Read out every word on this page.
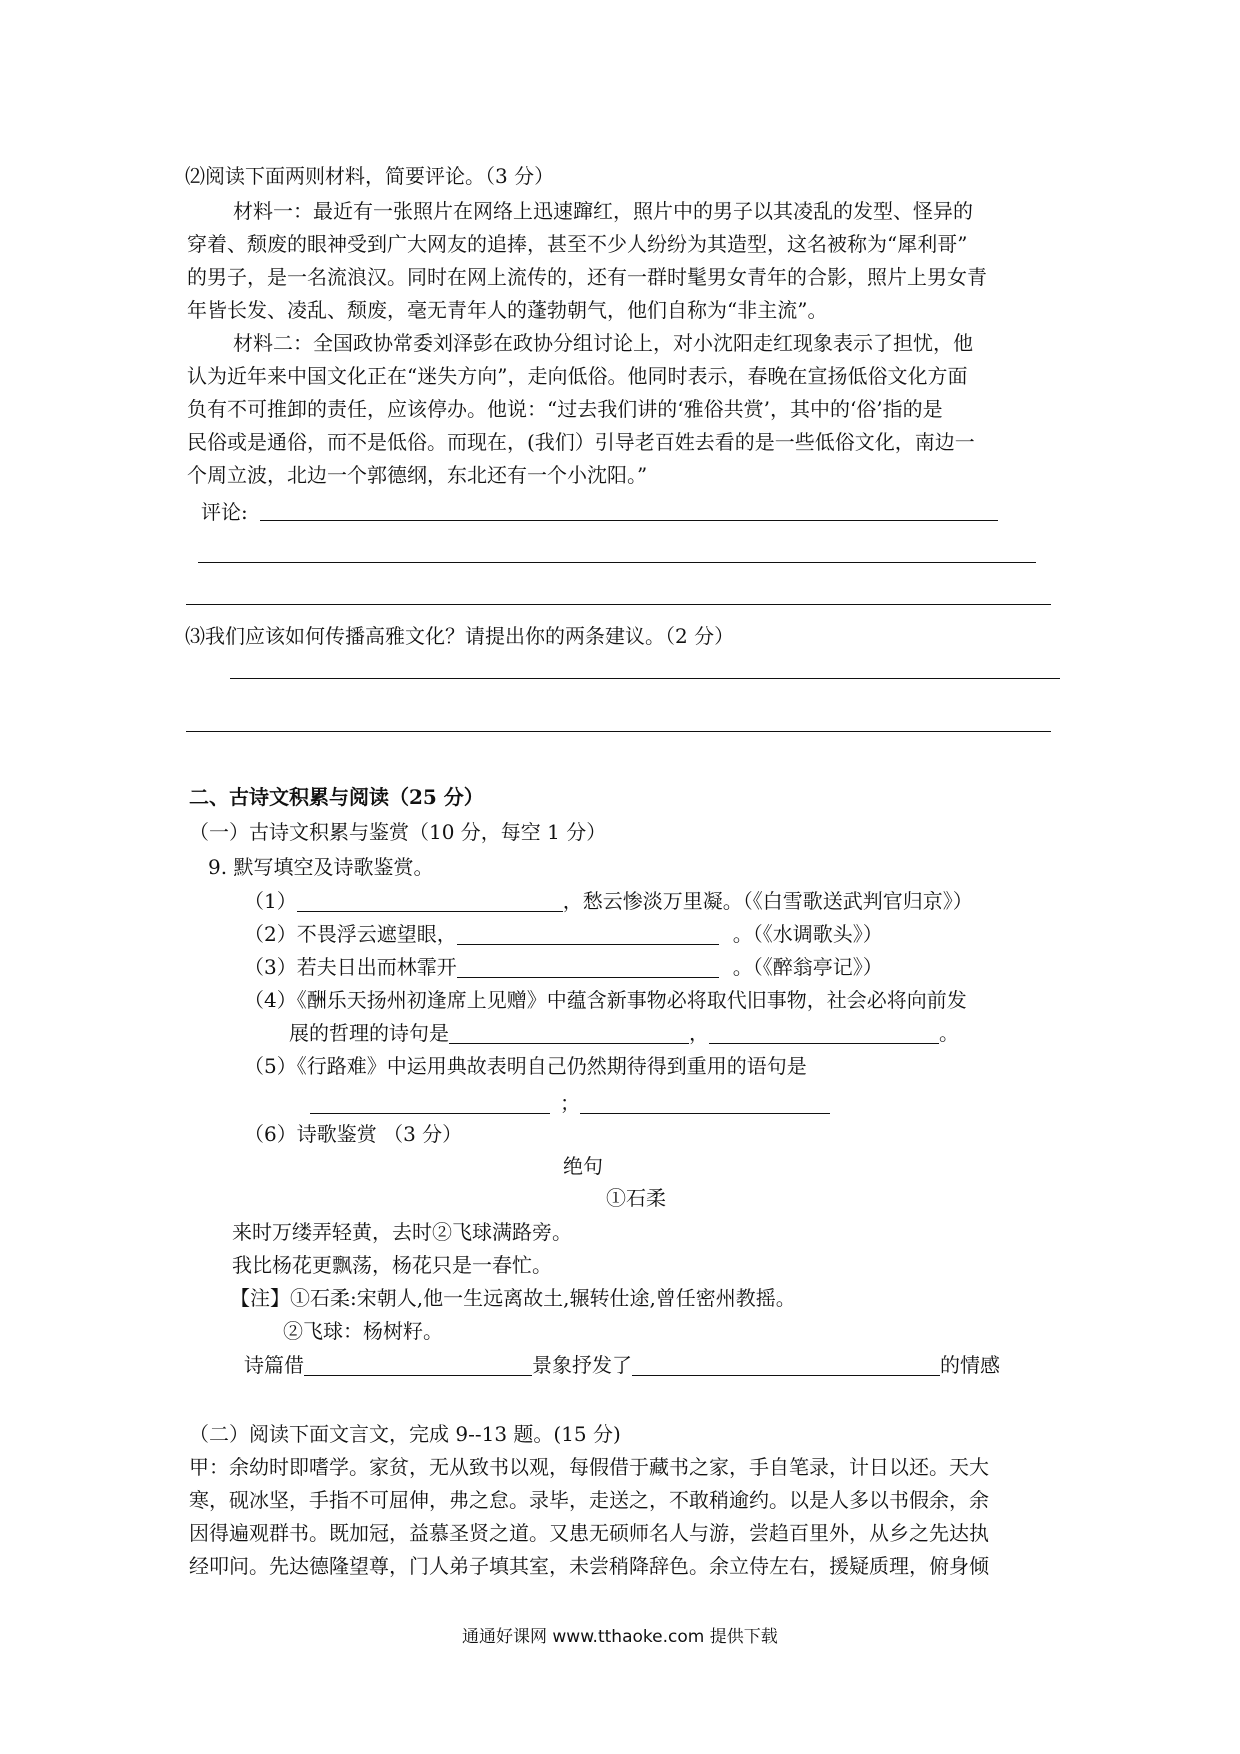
⑵阅读下面两则材料，简要评论。（3 分）
材料一：最近有一张照片在网络上迅速蹿红，照片中的男子以其凌乱的发型、怪异的
穿着、颓废的眼神受到广大网友的追捧，甚至不少人纷纷为其造型，这名被称为“犀利哥”
的男子，是一名流浪汉。同时在网上流传的，还有一群时髦男女青年的合影，照片上男女青
年皆长发、凌乱、颓废，毫无青年人的蓬勃朝气，他们自称为“非主流”。
材料二：全国政协常委刘泽彭在政协分组讨论上，对小沈阳走红现象表示了担忧，他
认为近年来中国文化正在“迷失方向”，走向低俗。他同时表示，春晚在宣扬低俗文化方面
负有不可推卸的责任，应该停办。他说：“过去我们讲的‘雅俗共赏’，其中的‘俗’指的是
民俗或是通俗，而不是低俗。而现在，(我们）引导老百姓去看的是一些低俗文化，南边一
个周立波，北边一个郭德纲，东北还有一个小沈阳。”
评论:
⑶我们应该如何传播高雅文化？请提出你的两条建议。（2 分）
二、古诗文积累与阅读（25 分）
（一）古诗文积累与鉴赏（10 分，每空 1 分）
9. 默写填空及诗歌鉴赏。
（1）	，愁云惨淡万里凝。（《白雪歌送武判官归京》）
（2）不畏浮云遮望眼，	。（《水调歌头》）
（3）若夫日出而林霏开	。（《醉翁亭记》）
（4）《酬乐天扬州初逢席上见赠》中蕴含新事物必将取代旧事物，社会必将向前发
展的哲理的诗句是	，	。
（5）《行路难》中运用典故表明自己仍然期待得到重用的语句是
；
（6）诗歌鉴赏 （3 分）
绝句
①石柔
来时万缕弄轻黄，去时②飞球满路旁。
我比杨花更飘荡，杨花只是一春忙。
【注】①石柔:宋朝人,他一生远离故土,辗转仕途,曾任密州教摇。
②飞球：杨树籽。
诗篇借	景象抒发了	的情感
（二）阅读下面文言文，完成 9--13 题。(15 分)
甲：余幼时即嗜学。家贫，无从致书以观，每假借于藏书之家，手自笔录，计日以还。天大
寒，砚冰坚，手指不可屈伸，弗之怠。录毕，走送之，不敢稍逾约。以是人多以书假余，余
因得遍观群书。既加冠，益慕圣贤之道。又患无硕师名人与游，尝趋百里外，从乡之先达执
经叩问。先达德隆望尊，门人弟子填其室，未尝稍降辞色。余立侍左右，援疑质理，俯身倾
通通好课网 www.tthaoke.com 提供下载
